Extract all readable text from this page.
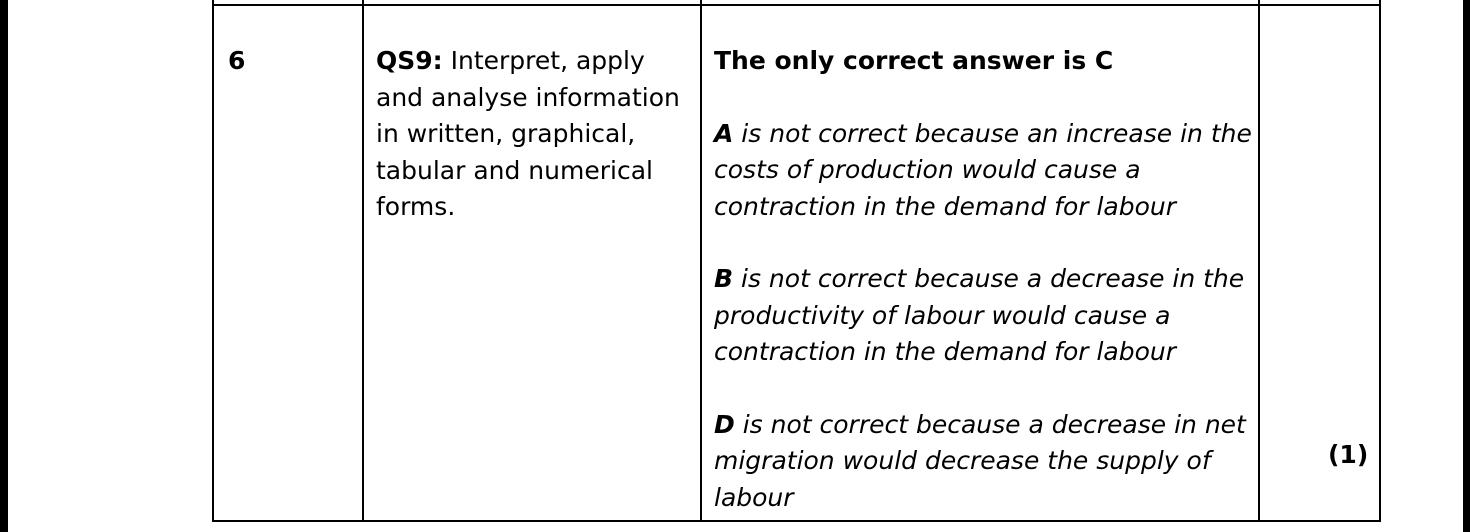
6	QS9: Interpret, apply and analyse information in written, graphical, tabular and numerical forms.
The only correct answer is C
A is not correct because an increase in the costs of production would cause a contraction in the demand for labour
B is not correct because a decrease in the productivity of labour would cause a contraction in the demand for labour
D is not correct because a decrease in net migration would decrease the supply of labour
(1)
